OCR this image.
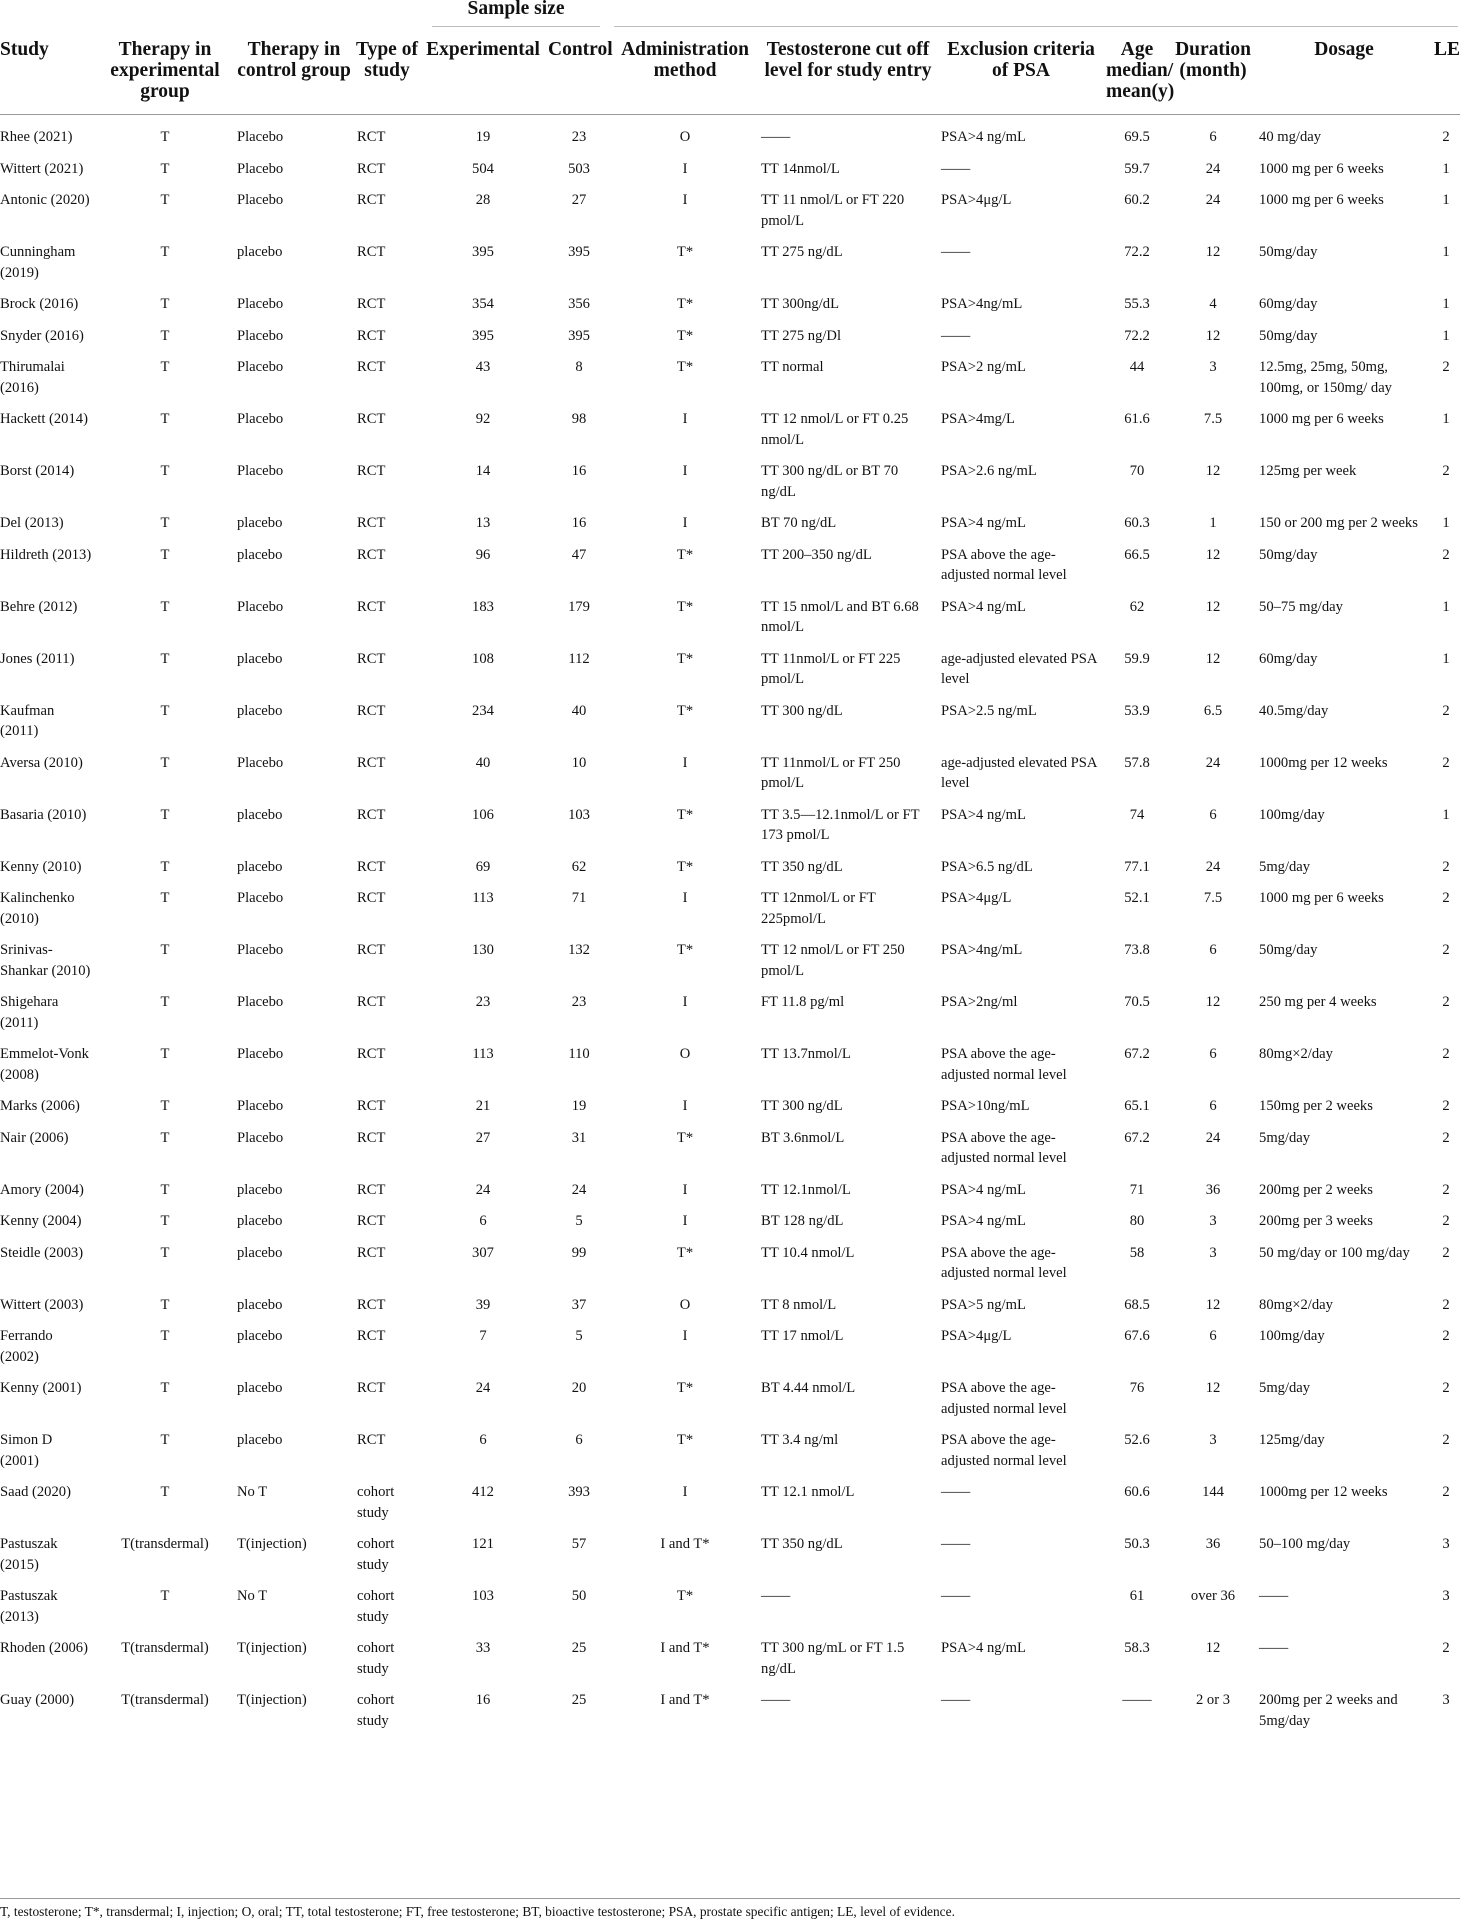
				Sample size								

Study	Therapy in experimental group	Therapy in control group	Type of study	Experimental	Control	Administration method	Testosterone cut off level for study entry	Exclusion criteria of PSA	Age median/ mean(y)	Duration (month)	Dosage	LE
Rhee (2021)	T	Placebo	RCT	19	23	O	——	PSA>4 ng/mL	69.5	6	40 mg/day	2
Wittert (2021)	T	Placebo	RCT	504	503	I	TT 14nmol/L	——	59.7	24	1000 mg per 6 weeks	1
Antonic (2020)	T	Placebo	RCT	28	27	I	TT 11 nmol/L or FT 220 pmol/L	PSA>4μg/L	60.2	24	1000 mg per 6 weeks	1
Cunningham (2019)	T	placebo	RCT	395	395	T*	TT 275 ng/dL	——	72.2	12	50mg/day	1
Brock (2016)	T	Placebo	RCT	354	356	T*	TT 300ng/dL	PSA>4ng/mL	55.3	4	60mg/day	1
Snyder (2016)	T	Placebo	RCT	395	395	T*	TT 275 ng/Dl	——	72.2	12	50mg/day	1
Thirumalai (2016)	T	Placebo	RCT	43	8	T*	TT normal	PSA>2 ng/mL	44	3	12.5mg, 25mg, 50mg, 100mg, or 150mg/ day	2
Hackett (2014)	T	Placebo	RCT	92	98	I	TT 12 nmol/L or FT 0.25 nmol/L	PSA>4mg/L	61.6	7.5	1000 mg per 6 weeks	1
Borst (2014)	T	Placebo	RCT	14	16	I	TT 300 ng/dL or BT 70 ng/dL	PSA>2.6 ng/mL	70	12	125mg per week	2
Del (2013)	T	placebo	RCT	13	16	I	BT 70 ng/dL	PSA>4 ng/mL	60.3	1	150 or 200 mg per 2 weeks	1
Hildreth (2013)	T	placebo	RCT	96	47	T*	TT 200–350 ng/dL	PSA above the age-adjusted normal level	66.5	12	50mg/day	2
Behre (2012)	T	Placebo	RCT	183	179	T*	TT 15 nmol/L and BT 6.68 nmol/L	PSA>4 ng/mL	62	12	50–75 mg/day	1
Jones (2011)	T	placebo	RCT	108	112	T*	TT 11nmol/L or FT 225 pmol/L	age-adjusted elevated PSA level	59.9	12	60mg/day	1
Kaufman (2011)	T	placebo	RCT	234	40	T*	TT 300 ng/dL	PSA>2.5 ng/mL	53.9	6.5	40.5mg/day	2
Aversa (2010)	T	Placebo	RCT	40	10	I	TT 11nmol/L or FT 250 pmol/L	age-adjusted elevated PSA level	57.8	24	1000mg per 12 weeks	2
Basaria (2010)	T	placebo	RCT	106	103	T*	TT 3.5—12.1nmol/L or FT 173 pmol/L	PSA>4 ng/mL	74	6	100mg/day	1
Kenny (2010)	T	placebo	RCT	69	62	T*	TT 350 ng/dL	PSA>6.5 ng/dL	77.1	24	5mg/day	2
Kalinchenko (2010)	T	Placebo	RCT	113	71	I	TT 12nmol/L or FT 225pmol/L	PSA>4μg/L	52.1	7.5	1000 mg per 6 weeks	2
Srinivas-Shankar (2010)	T	Placebo	RCT	130	132	T*	TT 12 nmol/L or FT 250 pmol/L	PSA>4ng/mL	73.8	6	50mg/day	2
Shigehara (2011)	T	Placebo	RCT	23	23	I	FT 11.8 pg/ml	PSA>2ng/ml	70.5	12	250 mg per 4 weeks	2
Emmelot-Vonk (2008)	T	Placebo	RCT	113	110	O	TT 13.7nmol/L	PSA above the age-adjusted normal level	67.2	6	80mg×2/day	2
Marks (2006)	T	Placebo	RCT	21	19	I	TT 300 ng/dL	PSA>10ng/mL	65.1	6	150mg per 2 weeks	2
Nair (2006)	T	Placebo	RCT	27	31	T*	BT 3.6nmol/L	PSA above the age-adjusted normal level	67.2	24	5mg/day	2
Amory (2004)	T	placebo	RCT	24	24	I	TT 12.1nmol/L	PSA>4 ng/mL	71	36	200mg per 2 weeks	2
Kenny (2004)	T	placebo	RCT	6	5	I	BT 128 ng/dL	PSA>4 ng/mL	80	3	200mg per 3 weeks	2
Steidle (2003)	T	placebo	RCT	307	99	T*	TT 10.4 nmol/L	PSA above the age-adjusted normal level	58	3	50 mg/day or 100 mg/day	2
Wittert (2003)	T	placebo	RCT	39	37	O	TT 8 nmol/L	PSA>5 ng/mL	68.5	12	80mg×2/day	2
Ferrando (2002)	T	placebo	RCT	7	5	I	TT 17 nmol/L	PSA>4μg/L	67.6	6	100mg/day	2
Kenny (2001)	T	placebo	RCT	24	20	T*	BT 4.44 nmol/L	PSA above the age-adjusted normal level	76	12	5mg/day	2
Simon D (2001)	T	placebo	RCT	6	6	T*	TT 3.4 ng/ml	PSA above the age-adjusted normal level	52.6	3	125mg/day	2
Saad (2020)	T	No T	cohort study	412	393	I	TT 12.1 nmol/L	——	60.6	144	1000mg per 12 weeks	2
Pastuszak (2015)	T(transdermal)	T(injection)	cohort study	121	57	I and T*	TT 350 ng/dL	——	50.3	36	50–100 mg/day	3
Pastuszak (2013)	T	No T	cohort study	103	50	T*	——	——	61	over 36	——	3
Rhoden (2006)	T(transdermal)	T(injection)	cohort study	33	25	I and T*	TT 300 ng/mL or FT 1.5 ng/dL	PSA>4 ng/mL	58.3	12	——	2
Guay (2000)	T(transdermal)	T(injection)	cohort study	16	25	I and T*	——	——	——	2 or 3	200mg per 2 weeks and 5mg/day	3
T, testosterone; T*, transdermal; I, injection; O, oral; TT, total testosterone; FT, free testosterone; BT, bioactive testosterone; PSA, prostate specific antigen; LE, level of evidence.
